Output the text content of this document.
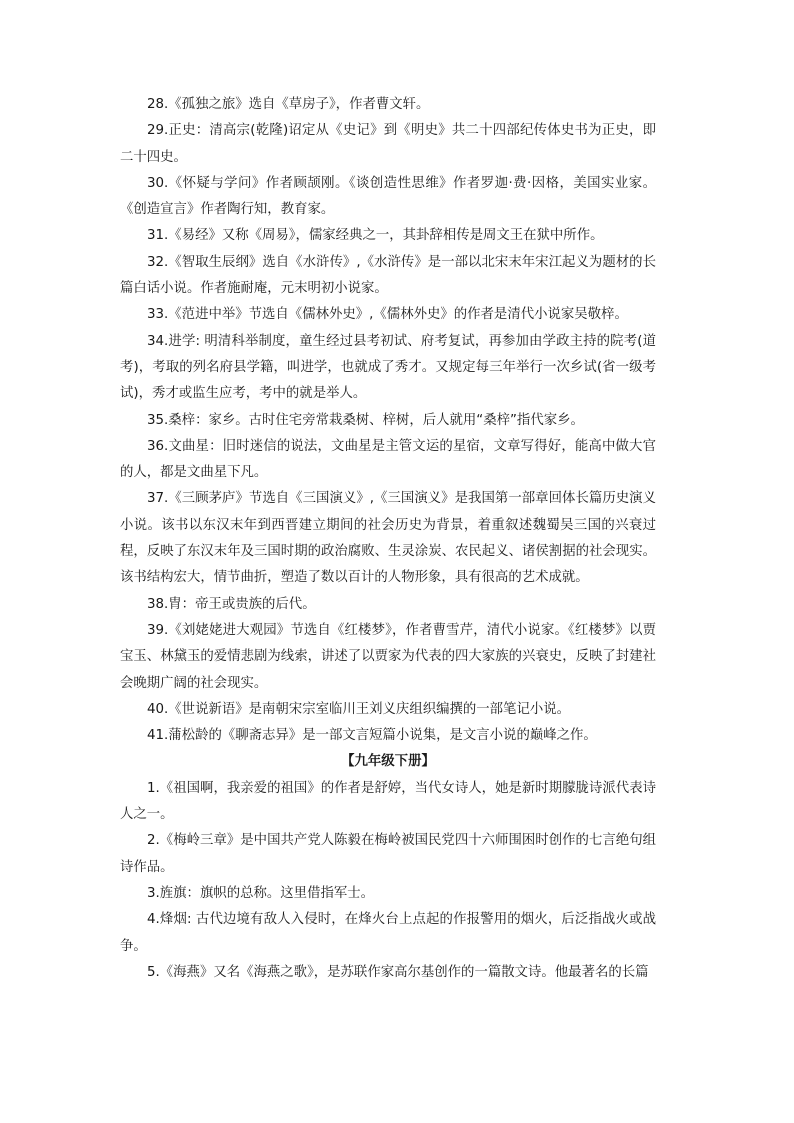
28.《孤独之旅》选自《草房子》，作者曹文轩。

29.正史：清高宗(乾隆)诏定从《史记》到《明史》共二十四部纪传体史书为正史，即二十四史。

30.《怀疑与学问》作者顾颉刚。《谈创造性思维》作者罗迦·费·因格，美国实业家。《创造宣言》作者陶行知，教育家。

31.《易经》又称《周易》，儒家经典之一，其卦辞相传是周文王在狱中所作。

32.《智取生辰纲》选自《水浒传》,《水浒传》是一部以北宋末年宋江起义为题材的长篇白话小说。作者施耐庵，元末明初小说家。

33.《范进中举》节选自《儒林外史》,《儒林外史》的作者是清代小说家吴敬梓。

34.进学: 明清科举制度，童生经过县考初试、府考复试，再参加由学政主持的院考(道考)，考取的列名府县学籍，叫进学，也就成了秀才。又规定每三年举行一次乡试(省一级考试)，秀才或监生应考，考中的就是举人。

35.桑梓：家乡。古时住宅旁常栽桑树、梓树，后人就用“桑梓”指代家乡。

36.文曲星：旧时迷信的说法，文曲星是主管文运的星宿，文章写得好，能高中做大官的人，都是文曲星下凡。

37.《三顾茅庐》节选自《三国演义》,《三国演义》是我国第一部章回体长篇历史演义小说。该书以东汉末年到西晋建立期间的社会历史为背景，着重叙述魏蜀吴三国的兴衰过程，反映了东汉末年及三国时期的政治腐败、生灵涂炭、农民起义、诸侯割据的社会现实。该书结构宏大，情节曲折，塑造了数以百计的人物形象，具有很高的艺术成就。

38.胄：帝王或贵族的后代。

39.《刘姥姥进大观园》节选自《红楼梦》，作者曹雪芹，清代小说家。《红楼梦》以贾宝玉、林黛玉的爱情悲剧为线索，讲述了以贾家为代表的四大家族的兴衰史，反映了封建社会晚期广阔的社会现实。

40.《世说新语》是南朝宋宗室临川王刘义庆组织编撰的一部笔记小说。

41.蒲松龄的《聊斋志异》是一部文言短篇小说集，是文言小说的巅峰之作。

【九年级下册】

1.《祖国啊，我亲爱的祖国》的作者是舒婷，当代女诗人，她是新时期朦胧诗派代表诗人之一。

2.《梅岭三章》是中国共产党人陈毅在梅岭被国民党四十六师围困时创作的七言绝句组诗作品。

3.旌旗：旗帜的总称。这里借指军士。

4.烽烟: 古代边境有敌人入侵时，在烽火台上点起的作报警用的烟火，后泛指战火或战争。

5.《海燕》又名《海燕之歌》，是苏联作家高尔基创作的一篇散文诗。他最著名的长篇
